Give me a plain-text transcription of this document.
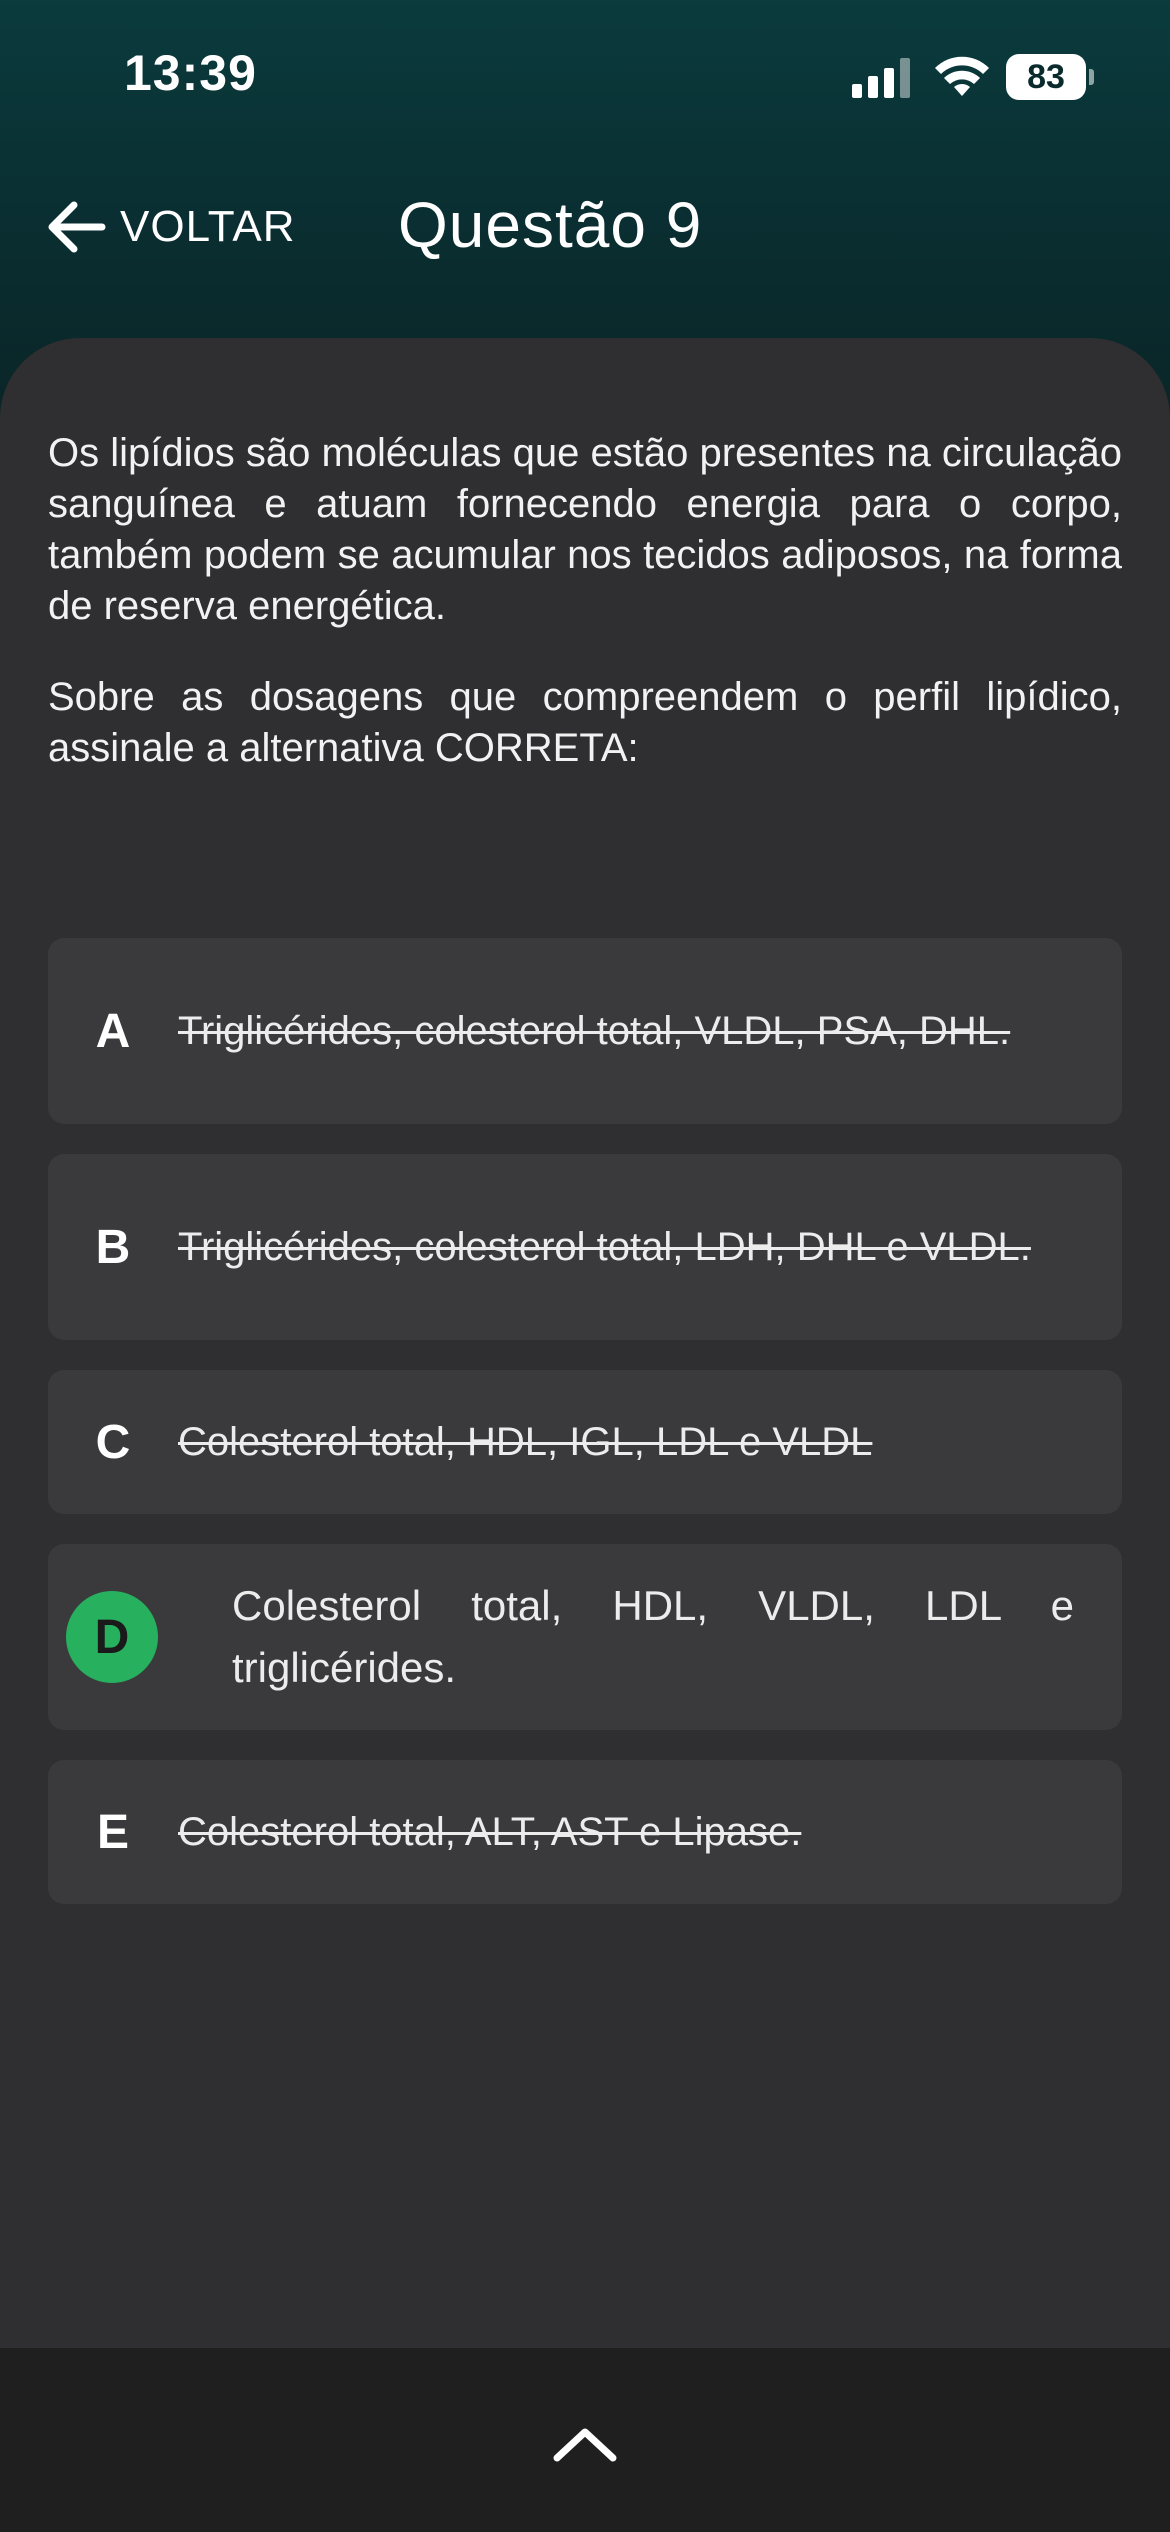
13:39	83
VOLTAR Questão 9

Os lipídios são moléculas que estão presentes na circulação sanguínea e atuam fornecendo energia para o corpo, também podem se acumular nos tecidos adiposos, na forma de reserva energética.

Sobre as dosagens que compreendem o perfil lipídico, assinale a alternativa CORRETA:

A	Triglicérides, colesterol total, VLDL, PSA, DHL.
B	Triglicérides, colesterol total, LDH, DHL e VLDL.
C	Colesterol total, HDL, IGL, LDL e VLDL
D
Colesterol total, HDL, VLDL, LDL e triglicérides.
E	Colesterol total, ALT, AST e Lipase.
